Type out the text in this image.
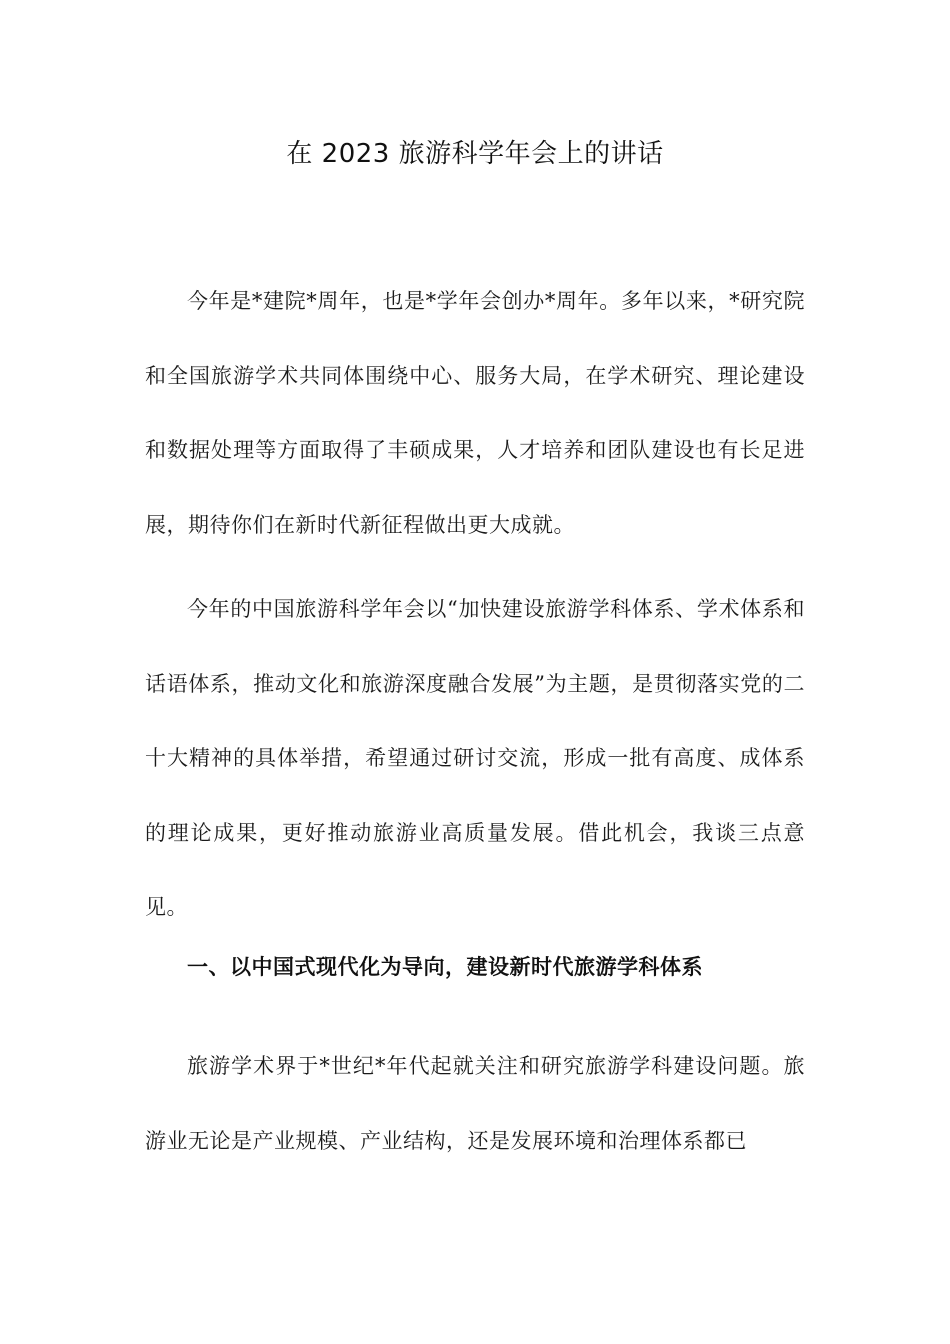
在 2023 旅游科学年会上的讲话

今年是*建院*周年，也是*学年会创办*周年。多年以来，*研究院和全国旅游学术共同体围绕中心、服务大局，在学术研究、理论建设和数据处理等方面取得了丰硕成果，人才培养和团队建设也有长足进展，期待你们在新时代新征程做出更大成就。

今年的中国旅游科学年会以“加快建设旅游学科体系、学术体系和话语体系，推动文化和旅游深度融合发展”为主题，是贯彻落实党的二十大精神的具体举措，希望通过研讨交流，形成一批有高度、成体系的理论成果，更好推动旅游业高质量发展。借此机会，我谈三点意见。

一、以中国式现代化为导向，建设新时代旅游学科体系

旅游学术界于*世纪*年代起就关注和研究旅游学科建设问题。旅游业无论是产业规模、产业结构，还是发展环境和治理体系都已
